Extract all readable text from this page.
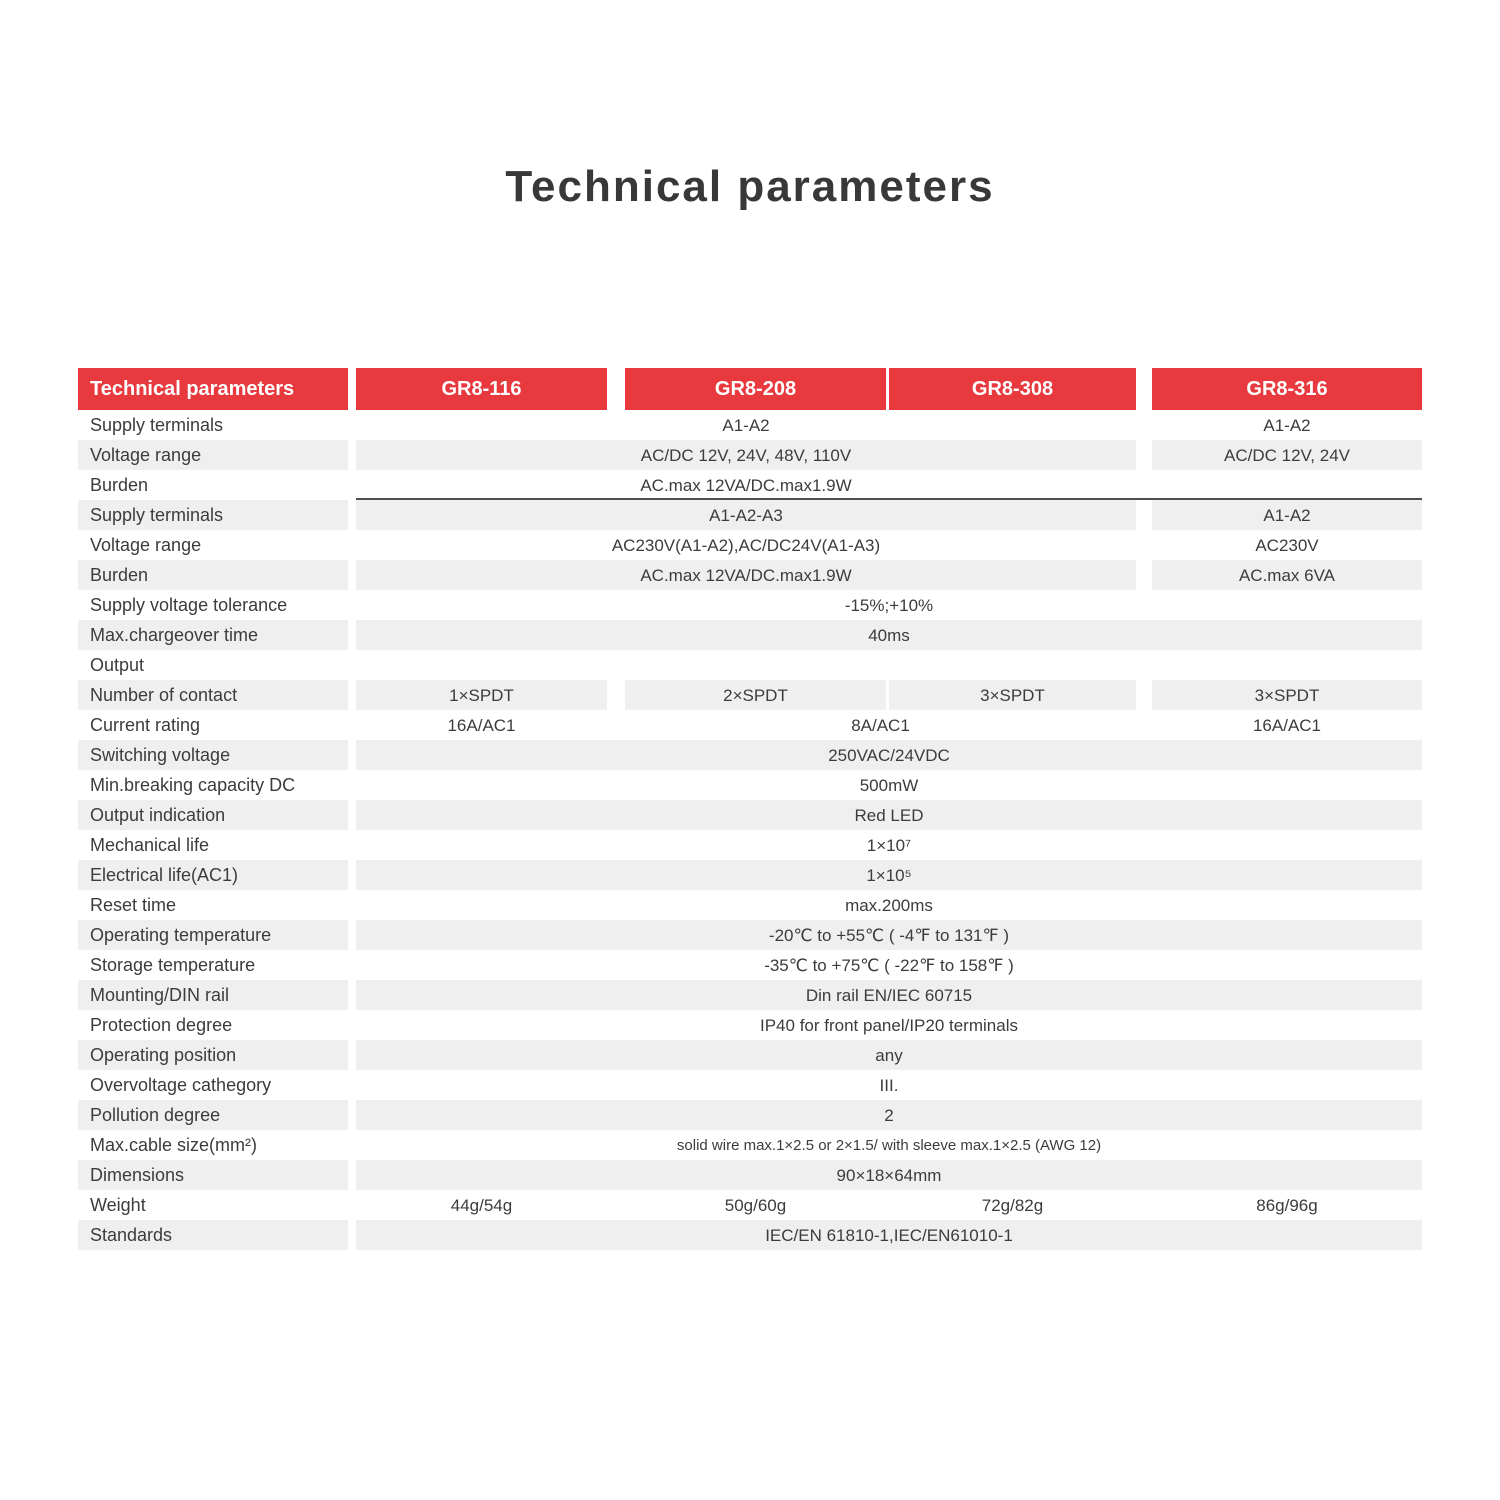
Technical parameters
Technical parameters	GR8-116	GR8-208	GR8-308	GR8-316
Supply terminals	A1-A2	A1-A2
Voltage range	AC/DC 12V, 24V, 48V, 110V	AC/DC 12V, 24V
Burden	AC.max 12VA/DC.max1.9W
Supply terminals	A1-A2-A3	A1-A2
Voltage range	AC230V(A1-A2),AC/DC24V(A1-A3)	AC230V
Burden	AC.max 12VA/DC.max1.9W	AC.max 6VA
Supply voltage tolerance	-15%;+10%
Max.chargeover time	40ms
Output
Number of contact	1×SPDT	2×SPDT	3×SPDT	3×SPDT
Current rating	16A/AC1	8A/AC1	16A/AC1
Switching voltage	250VAC/24VDC
Min.breaking capacity DC	500mW
Output indication	Red LED
Mechanical life	1×10⁷
Electrical life(AC1)	1×10⁵
Reset time	max.200ms
Operating temperature	-20℃ to +55℃ ( -4℉ to 131℉ )
Storage temperature	-35℃ to +75℃ ( -22℉ to 158℉ )
Mounting/DIN rail	Din rail EN/IEC 60715
Protection degree	IP40 for front panel/IP20 terminals
Operating position	any
Overvoltage cathegory	III.
Pollution degree	2
Max.cable size(mm²)	solid wire max.1×2.5 or 2×1.5/ with sleeve max.1×2.5 (AWG 12)
Dimensions	90×18×64mm
Weight	44g/54g	50g/60g	72g/82g	86g/96g
Standards	IEC/EN 61810-1,IEC/EN61010-1
